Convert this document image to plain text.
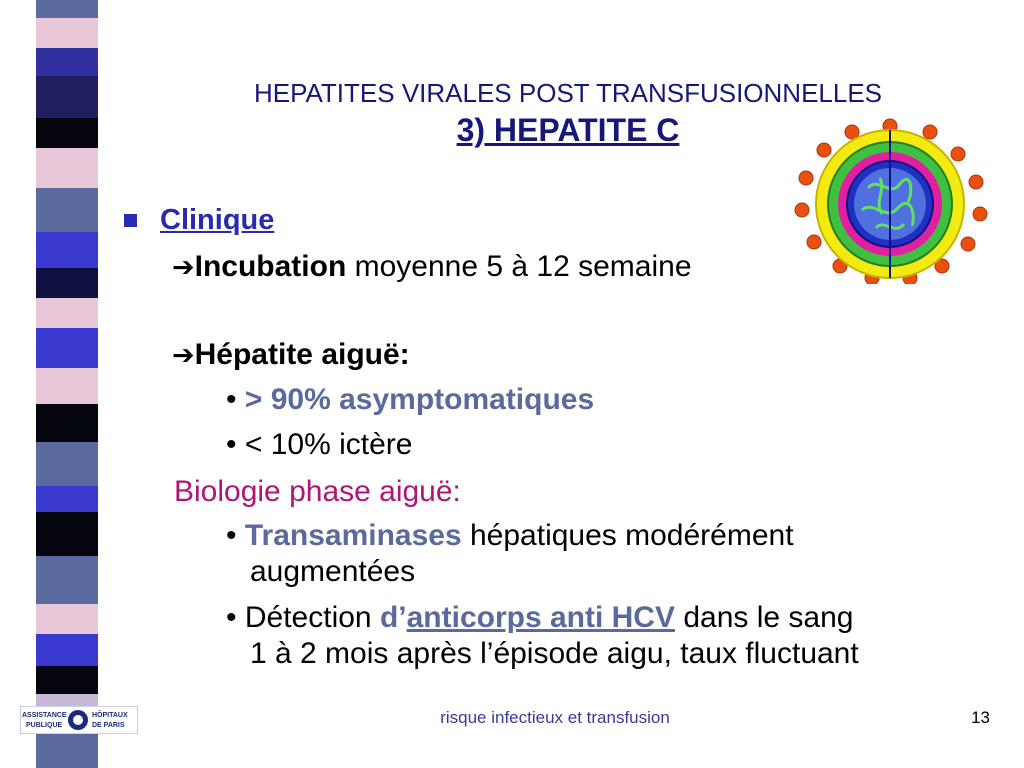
HEPATITES VIRALES POST TRANSFUSIONNELLES
3) HEPATITE C
Clinique
➔Incubation moyenne 5 à 12 semaine
➔Hépatite aiguë:
• > 90% asymptomatiques
• < 10% ictère
Biologie phase aiguë:
• Transaminases hépatiques modérément
augmentées
• Détection d’anticorps anti HCV dans le sang
1 à 2 mois après l’épisode aigu, taux fluctuant
ASSISTANCE
PUBLIQUE
HÔPITAUX
DE PARIS	risque infectieux et transfusion	13
